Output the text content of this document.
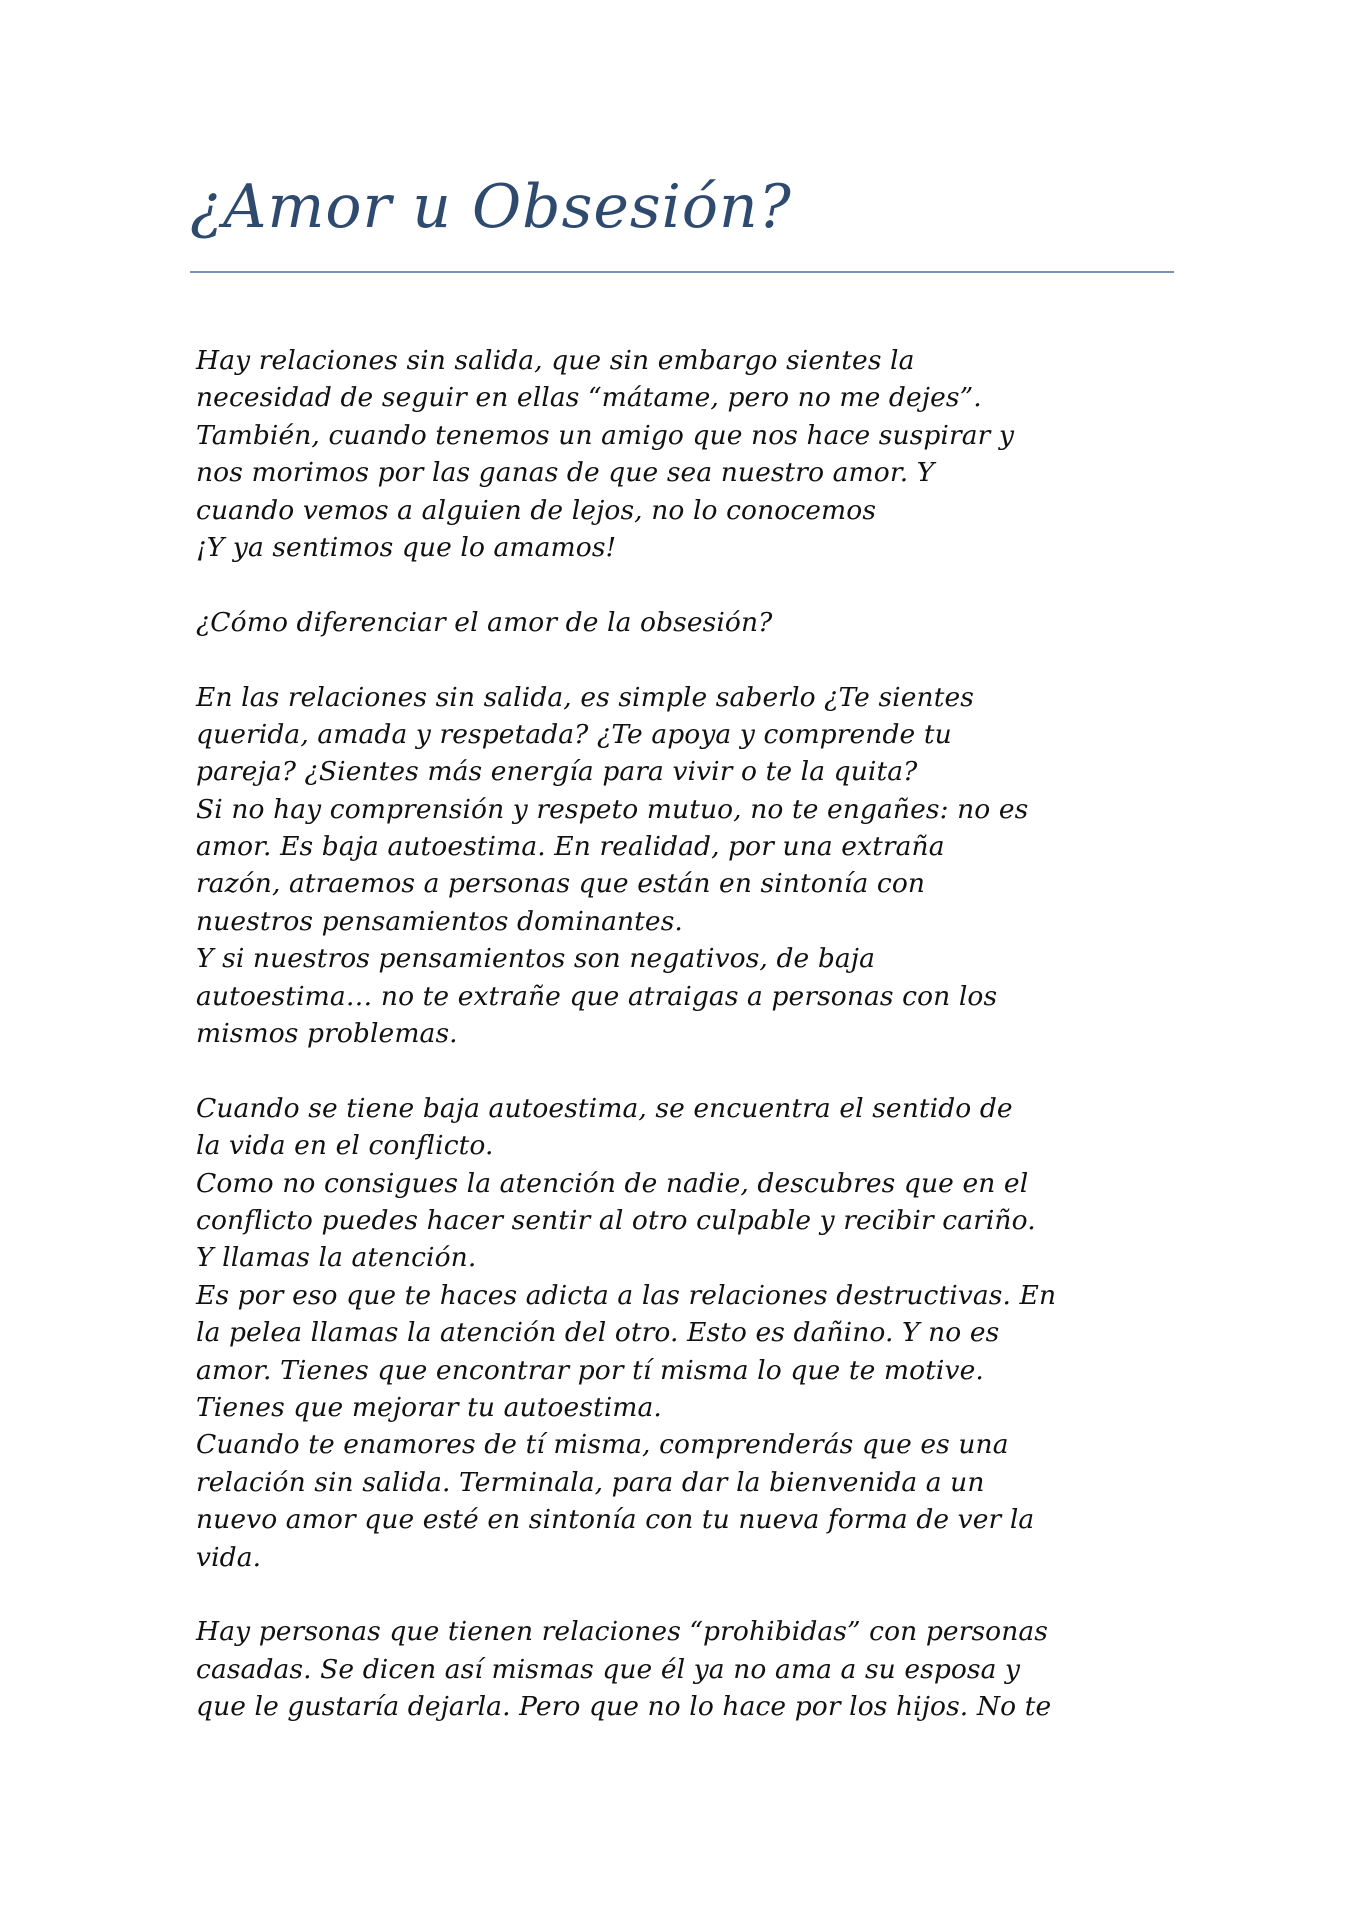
¿Amor u Obsesión?
Hay relaciones sin salida, que sin embargo sientes la
necesidad de seguir en ellas “mátame, pero no me dejes”.
También, cuando tenemos un amigo que nos hace suspirar y
nos morimos por las ganas de que sea nuestro amor. Y
cuando vemos a alguien de lejos, no lo conocemos
¡Y ya sentimos que lo amamos!
¿Cómo diferenciar el amor de la obsesión?
En las relaciones sin salida, es simple saberlo ¿Te sientes
querida, amada y respetada? ¿Te apoya y comprende tu
pareja? ¿Sientes más energía para vivir o te la quita?
Si no hay comprensión y respeto mutuo, no te engañes: no es
amor. Es baja autoestima. En realidad, por una extraña
razón, atraemos a personas que están en sintonía con
nuestros pensamientos dominantes.
Y si nuestros pensamientos son negativos, de baja
autoestima… no te extrañe que atraigas a personas con los
mismos problemas.
Cuando se tiene baja autoestima, se encuentra el sentido de
la vida en el conflicto.
Como no consigues la atención de nadie, descubres que en el
conflicto puedes hacer sentir al otro culpable y recibir cariño.
Y llamas la atención.
Es por eso que te haces adicta a las relaciones destructivas. En
la pelea llamas la atención del otro. Esto es dañino. Y no es
amor. Tienes que encontrar por tí misma lo que te motive.
Tienes que mejorar tu autoestima.
Cuando te enamores de tí misma, comprenderás que es una
relación sin salida. Terminala, para dar la bienvenida a un
nuevo amor que esté en sintonía con tu nueva forma de ver la
vida.
Hay personas que tienen relaciones “prohibidas” con personas
casadas. Se dicen así mismas que él ya no ama a su esposa y
que le gustaría dejarla. Pero que no lo hace por los hijos. No te
